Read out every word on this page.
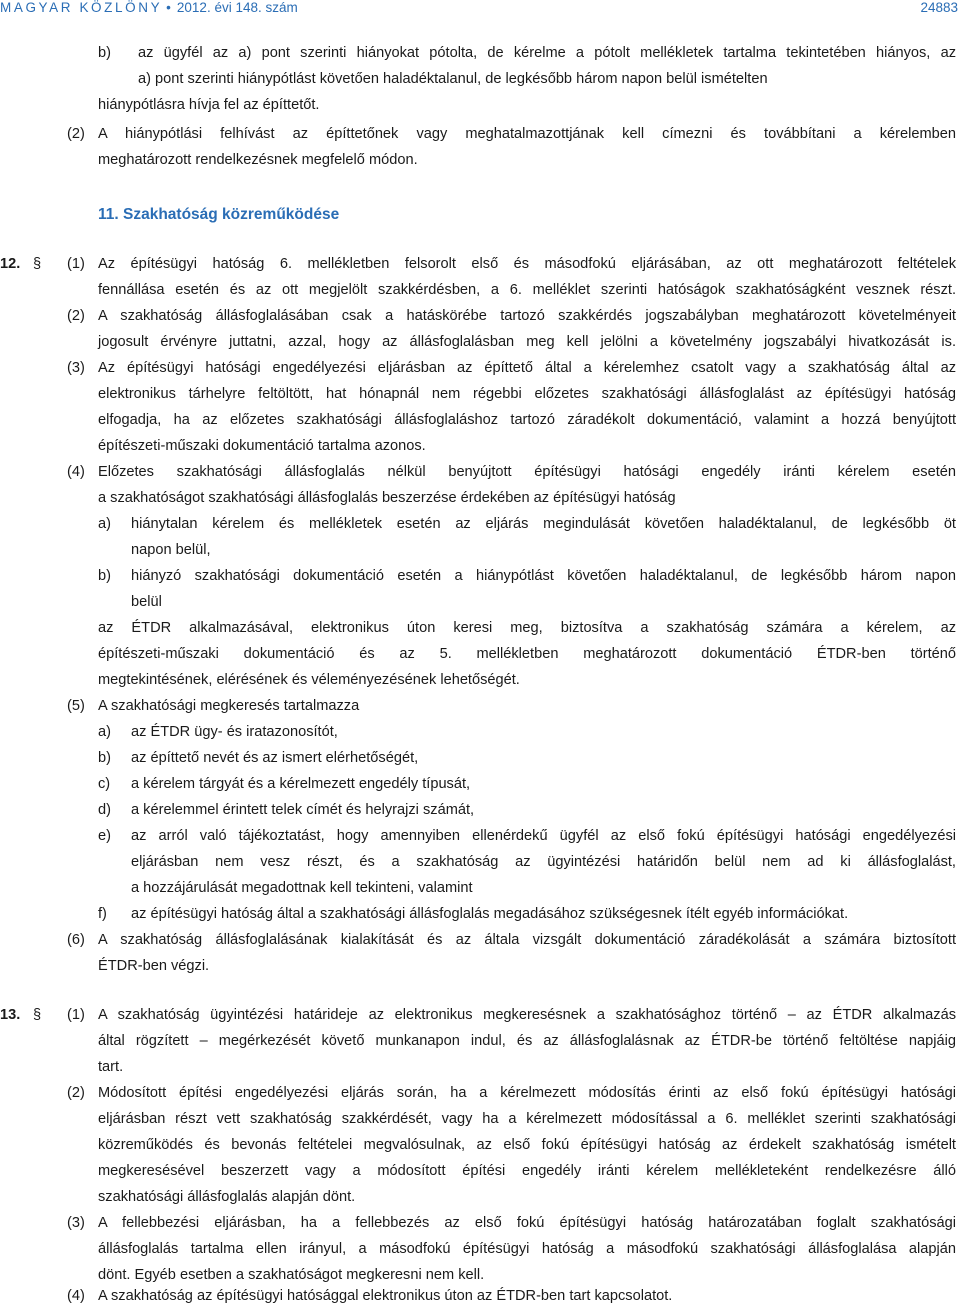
MAGYAR KÖZLÖNY • 2012. évi 148. szám	24883
11. Szakhatóság közreműködése
b) az ügyfél az a) pont szerinti hiányokat pótolta, de kérelme a pótolt mellékletek tartalma tekintetében hiányos, az
a) pont szerinti hiánypótlást követően haladéktalanul, de legkésőbb három napon belül ismételten
hiánypótlásra hívja fel az építtetőt.
(2) A hiánypótlási felhívást az építtetőnek vagy meghatalmazottjának kell címezni és továbbítani a kérelemben
meghatározott rendelkezésnek megfelelő módon.
(1) Az építésügyi hatóság 6. mellékletben felsorolt első és másodfokú eljárásában, az ott meghatározott feltételek
fennállása esetén és az ott megjelölt szakkérdésben, a 6. melléklet szerinti hatóságok szakhatóságként vesznek részt.
(2) A szakhatóság állásfoglalásában csak a hatáskörébe tartozó szakkérdés jogszabályban meghatározott követelményeit
jogosult érvényre juttatni, azzal, hogy az állásfoglalásban meg kell jelölni a követelmény jogszabályi hivatkozását is.
(3) Az építésügyi hatósági engedélyezési eljárásban az építtető által a kérelemhez csatolt vagy a szakhatóság által az
elektronikus tárhelyre feltöltött, hat hónapnál nem régebbi előzetes szakhatósági állásfoglalást az építésügyi hatóság
elfogadja, ha az előzetes szakhatósági állásfoglaláshoz tartozó záradékolt dokumentáció, valamint a hozzá benyújtott
építészeti-műszaki dokumentáció tartalma azonos.
(4) Előzetes szakhatósági állásfoglalás nélkül benyújtott építésügyi hatósági engedély iránti kérelem esetén
a szakhatóságot szakhatósági állásfoglalás beszerzése érdekében az építésügyi hatóság
a) hiánytalan kérelem és mellékletek esetén az eljárás megindulását követően haladéktalanul, de legkésőbb öt
napon belül,
b) hiányzó szakhatósági dokumentáció esetén a hiánypótlást követően haladéktalanul, de legkésőbb három napon
belül
az ÉTDR alkalmazásával, elektronikus úton keresi meg, biztosítva a szakhatóság számára a kérelem, az
építészeti-műszaki dokumentáció és az 5. mellékletben meghatározott dokumentáció ÉTDR-ben történő
megtekintésének, elérésének és véleményezésének lehetőségét.
(5) A szakhatósági megkeresés tartalmazza
a) az ÉTDR ügy- és iratazonosítót,
b) az építtető nevét és az ismert elérhetőségét,
c) a kérelem tárgyát és a kérelmezett engedély típusát,
d) a kérelemmel érintett telek címét és helyrajzi számát,
e) az arról való tájékoztatást, hogy amennyiben ellenérdekű ügyfél az első fokú építésügyi hatósági engedélyezési
eljárásban nem vesz részt, és a szakhatóság az ügyintézési határidőn belül nem ad ki állásfoglalást,
a hozzájárulását megadottnak kell tekinteni, valamint
f) az építésügyi hatóság által a szakhatósági állásfoglalás megadásához szükségesnek ítélt egyéb információkat.
(6) A szakhatóság állásfoglalásának kialakítását és az általa vizsgált dokumentáció záradékolását a számára biztosított
ÉTDR-ben végzi.
(1) A szakhatóság ügyintézési határideje az elektronikus megkeresésnek a szakhatósághoz történő – az ÉTDR alkalmazás
által rögzített – megérkezését követő munkanapon indul, és az állásfoglalásnak az ÉTDR-be történő feltöltése napjáig
tart.
(2) Módosított építési engedélyezési eljárás során, ha a kérelmezett módosítás érinti az első fokú építésügyi hatósági
eljárásban részt vett szakhatóság szakkérdését, vagy ha a kérelmezett módosítással a 6. melléklet szerinti szakhatósági
közreműködés és bevonás feltételei megvalósulnak, az első fokú építésügyi hatóság az érdekelt szakhatóság ismételt
megkeresésével beszerzett vagy a módosított építési engedély iránti kérelem mellékleteként rendelkezésre álló
szakhatósági állásfoglalás alapján dönt.
(3) A fellebbezési eljárásban, ha a fellebbezés az első fokú építésügyi hatóság határozatában foglalt szakhatósági
állásfoglalás tartalma ellen irányul, a másodfokú építésügyi hatóság a másodfokú szakhatósági állásfoglalása alapján
dönt. Egyéb esetben a szakhatóságot megkeresni nem kell.
(4) A szakhatóság az építésügyi hatósággal elektronikus úton az ÉTDR-ben tart kapcsolatot.
12. §
13. §
